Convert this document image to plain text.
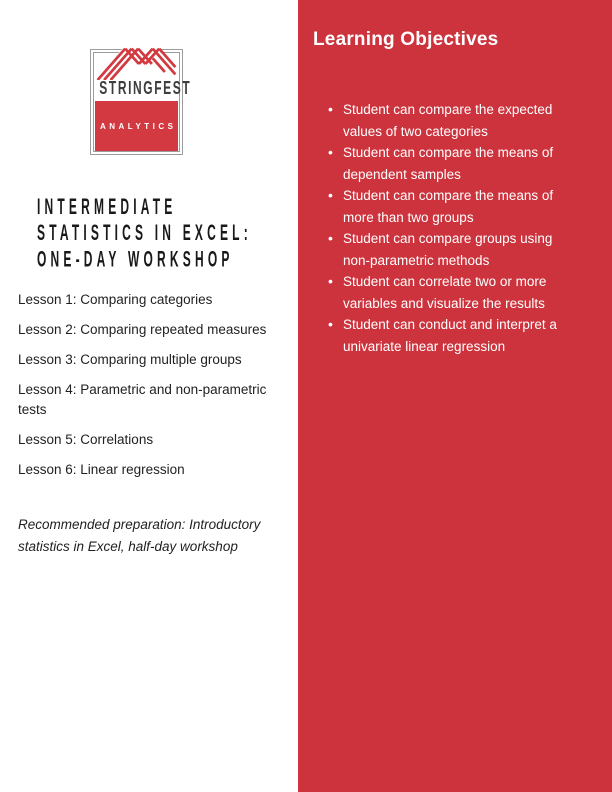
STRINGFEST
ANALYTICS
INTERMEDIATE
STATISTICS IN EXCEL:
ONE-DAY WORKSHOP

Lesson 1: Comparing categories

Lesson 2: Comparing repeated measures

Lesson 3: Comparing multiple groups

Lesson 4: Parametric and non-parametric tests

Lesson 5: Correlations

Lesson 6: Linear regression

Recommended preparation: Introductory statistics in Excel, half-day workshop

Learning Objectives
• Student can compare the expected values of two categories
• Student can compare the means of dependent samples
• Student can compare the means of more than two groups
• Student can compare groups using non-parametric methods
• Student can correlate two or more variables and visualize the results
• Student can conduct and interpret a univariate linear regression
